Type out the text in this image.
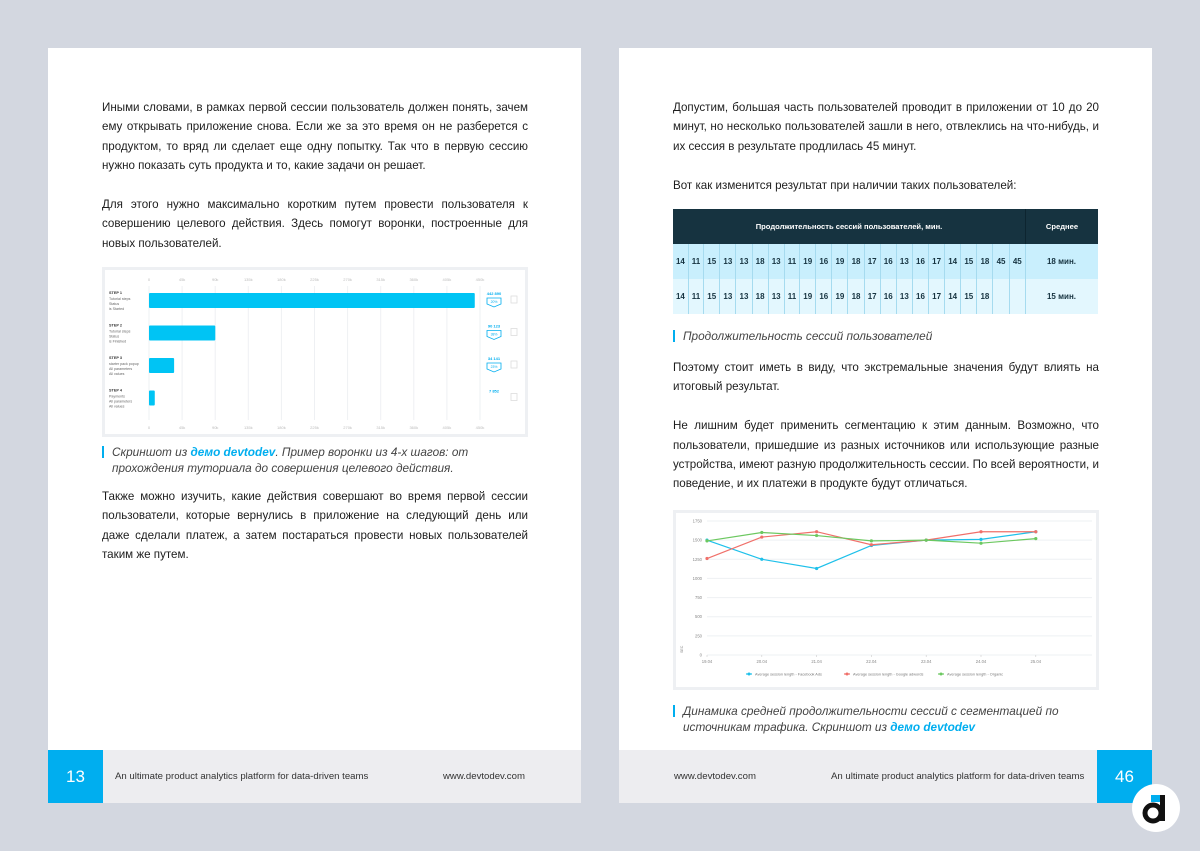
Иными словами, в рамках первой сессии пользователь должен понять, зачем ему открывать приложение снова. Если же за это время он не разберется с продуктом, то вряд ли сделает еще одну попытку. Так что в первую сессию нужно показать суть продукта и то, какие задачи он решает.

Для этого нужно максимально коротким путем провести пользователя к совершению целевого действия. Здесь помогут воронки, построенные для новых пользователей.

0
0
45k
45k
90k
90k
135k
135k
180k
180k
225k
225k
270k
270k
315k
315k
360k
360k
405k
405k
450k
450k
STEP 1
Tutorial steps
Status
is Started
442 890
20%
STEP 2
Tutorial steps
Status
is Finished
90 123
38%
STEP 3
starter pack popup
All parameters
All values
34 141
23%
STEP 4
Payments
All parameters
All values
7 852
Скриншот из демо devtodev. Пример воронки из 4-х шагов: от прохождения туториала до совершения целевого действия.

Также можно изучить, какие действия совершают во время первой сессии пользователи, которые вернулись в приложение на следующий день или даже сделали платеж, а затем постараться провести новых пользователей таким же путем.

13	An ultimate product analytics platform for data-driven teams	www.devtodev.com

Допустим, большая часть пользователей проводит в приложении от 10 до 20 минут, но несколько пользователей зашли в него, отвлеклись на что-нибудь, и их сессия в результате продлилась 45 минут.

Вот как изменится результат при наличии таких пользователей:

Продолжительность сессий пользователей, мин.																						Среднее
14	11	15	13	13	18	13	11	19	16	19	18	17	16	13	16	17	14	15	18	45	45	18 мин.
14	11	15	13	13	18	13	11	19	16	19	18	17	16	13	16	17	14	15	18			15 мин.
Продолжительность сессий пользователей

Поэтому стоит иметь в виду, что экстремальные значения будут влиять на итоговый результат.

Не лишним будет применить сегментацию к этим данным. Возможно, что пользователи, пришедшие из разных источников или использующие разные устройства, имеют разную продолжительность сессии. По всей вероятности, и поведение, и их платежи в продукте будут отличаться.

0
250
500
750
1000
1250
1500
1750
SEC
19.04	20.04	21.04	22.04	23.04	24.04	25.04
Average session length - Facebook Ads	Average session length - Google adwords	Average session length - Organic
Динамика средней продолжительности сессий с сегментацией по источникам трафика. Скриншот из демо devtodev
www.devtodev.com	An ultimate product analytics platform for data-driven teams	46
